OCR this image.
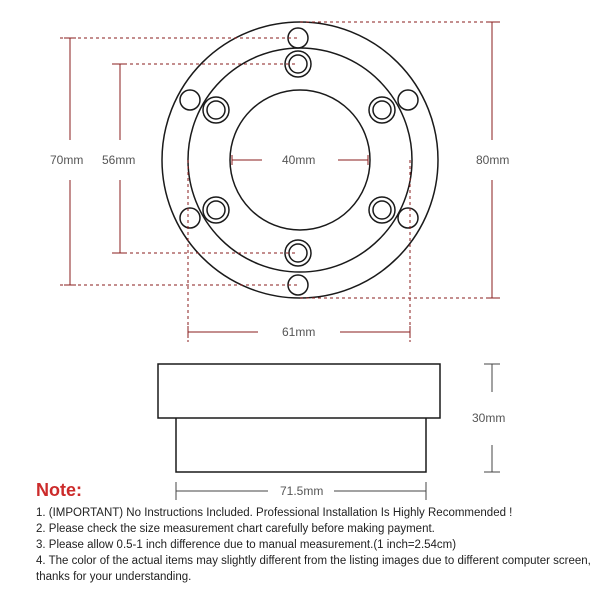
70mm 56mm	40mm	80mm
61mm
30mm
71.5mm
Note:
1. (IMPORTANT) No Instructions Included. Professional Installation Is Highly Recommended !
2. Please check the size measurement chart carefully before making payment.
3. Please allow 0.5-1 inch difference due to manual measurement.(1 inch=2.54cm)
4. The color of the actual items may slightly different from the listing images due to different computer screen, thanks for your understanding.
